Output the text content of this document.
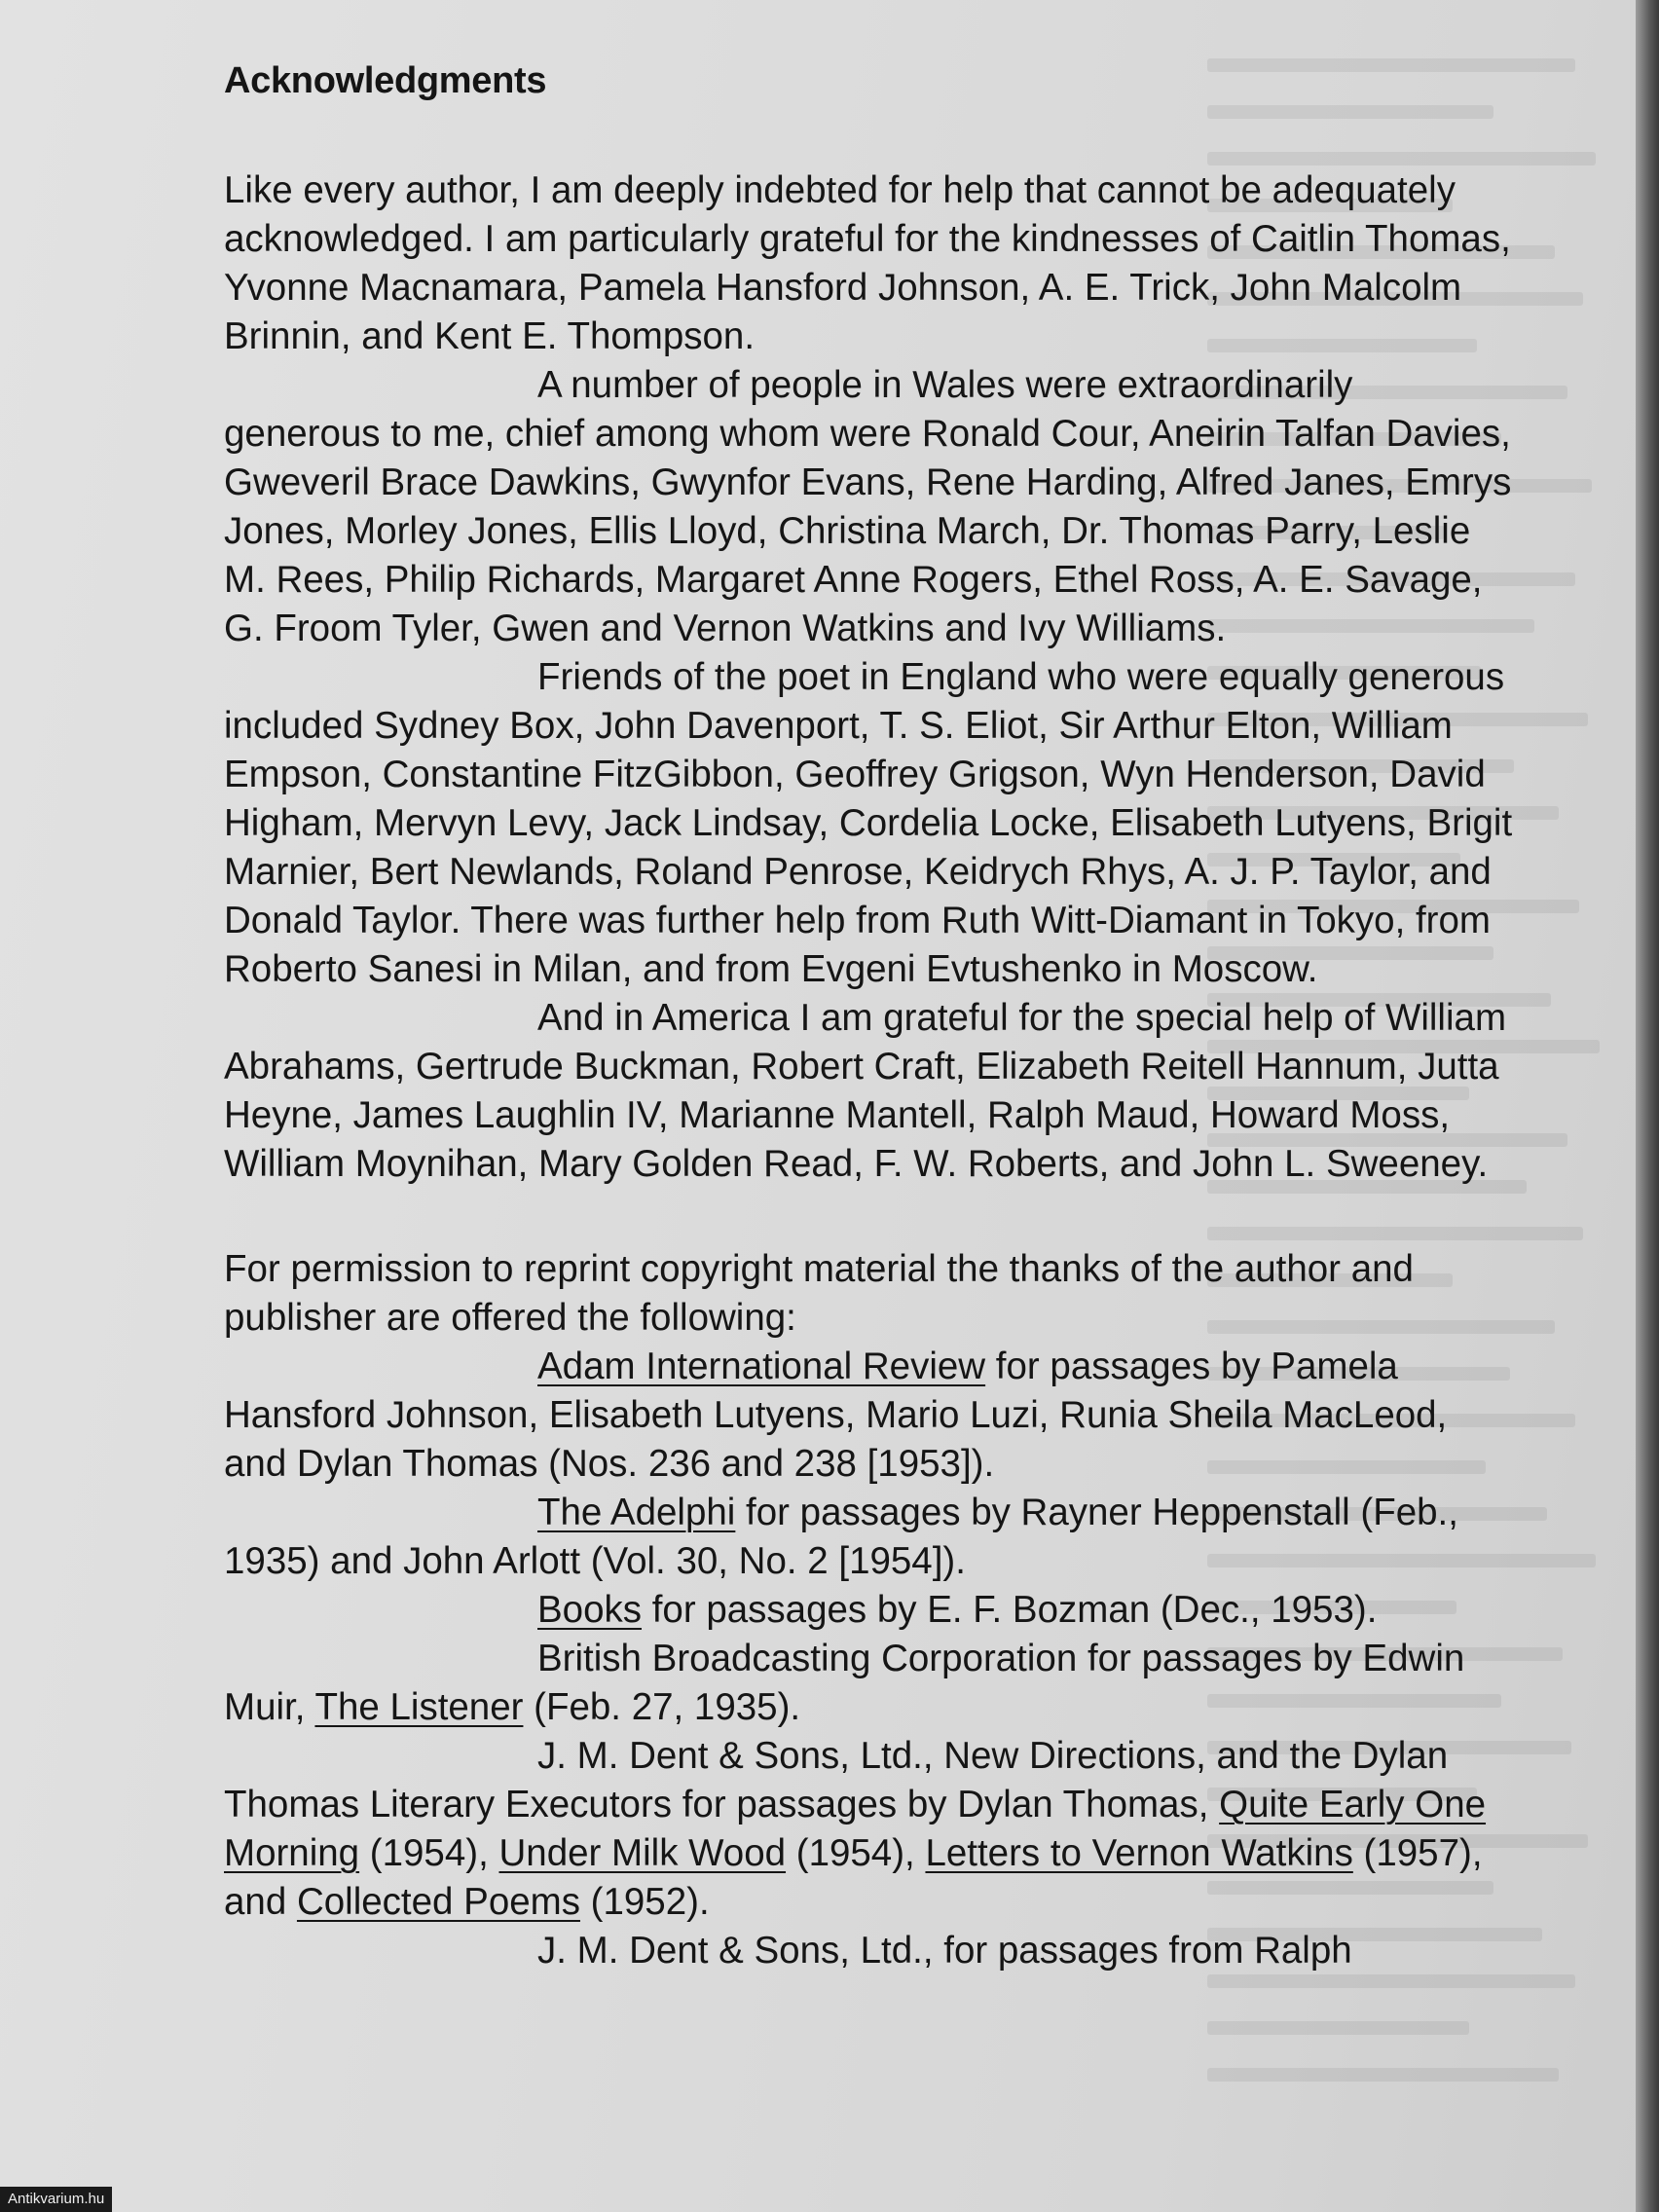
Acknowledgments

Like every author, I am deeply indebted for help that cannot be adequately acknowledged. I am particularly grateful for the kindnesses of Caitlin Thomas, Yvonne Macnamara, Pamela Hansford Johnson, A. E. Trick, John Malcolm Brinnin, and Kent E. Thompson.

A number of people in Wales were extraordinarily generous to me, chief among whom were Ronald Cour, Aneirin Talfan Davies, Gweveril Brace Dawkins, Gwynfor Evans, Rene Harding, Alfred Janes, Emrys Jones, Morley Jones, Ellis Lloyd, Christina March, Dr. Thomas Parry, Leslie M. Rees, Philip Richards, Margaret Anne Rogers, Ethel Ross, A. E. Savage, G. Froom Tyler, Gwen and Vernon Watkins and Ivy Williams.

Friends of the poet in England who were equally generous included Sydney Box, John Davenport, T. S. Eliot, Sir Arthur Elton, William Empson, Constantine FitzGibbon, Geoffrey Grigson, Wyn Henderson, David Higham, Mervyn Levy, Jack Lindsay, Cordelia Locke, Elisabeth Lutyens, Brigit Marnier, Bert Newlands, Roland Penrose, Keidrych Rhys, A. J. P. Taylor, and Donald Taylor. There was further help from Ruth Witt-Diamant in Tokyo, from Roberto Sanesi in Milan, and from Evgeni Evtushenko in Moscow.

And in America I am grateful for the special help of William Abrahams, Gertrude Buckman, Robert Craft, Elizabeth Reitell Hannum, Jutta Heyne, James Laughlin IV, Marianne Mantell, Ralph Maud, Howard Moss, William Moynihan, Mary Golden Read, F. W. Roberts, and John L. Sweeney.

For permission to reprint copyright material the thanks of the author and publisher are offered the following:

Adam International Review for passages by Pamela Hansford Johnson, Elisabeth Lutyens, Mario Luzi, Runia Sheila MacLeod, and Dylan Thomas (Nos. 236 and 238 [1953]).

The Adelphi for passages by Rayner Heppenstall (Feb., 1935) and John Arlott (Vol. 30, No. 2 [1954]).

Books for passages by E. F. Bozman (Dec., 1953).

British Broadcasting Corporation for passages by Edwin Muir, The Listener (Feb. 27, 1935).

J. M. Dent & Sons, Ltd., New Directions, and the Dylan Thomas Literary Executors for passages by Dylan Thomas, Quite Early One Morning (1954), Under Milk Wood (1954), Letters to Vernon Watkins (1957), and Collected Poems (1952).

J. M. Dent & Sons, Ltd., for passages from Ralph

Antikvarium.hu
